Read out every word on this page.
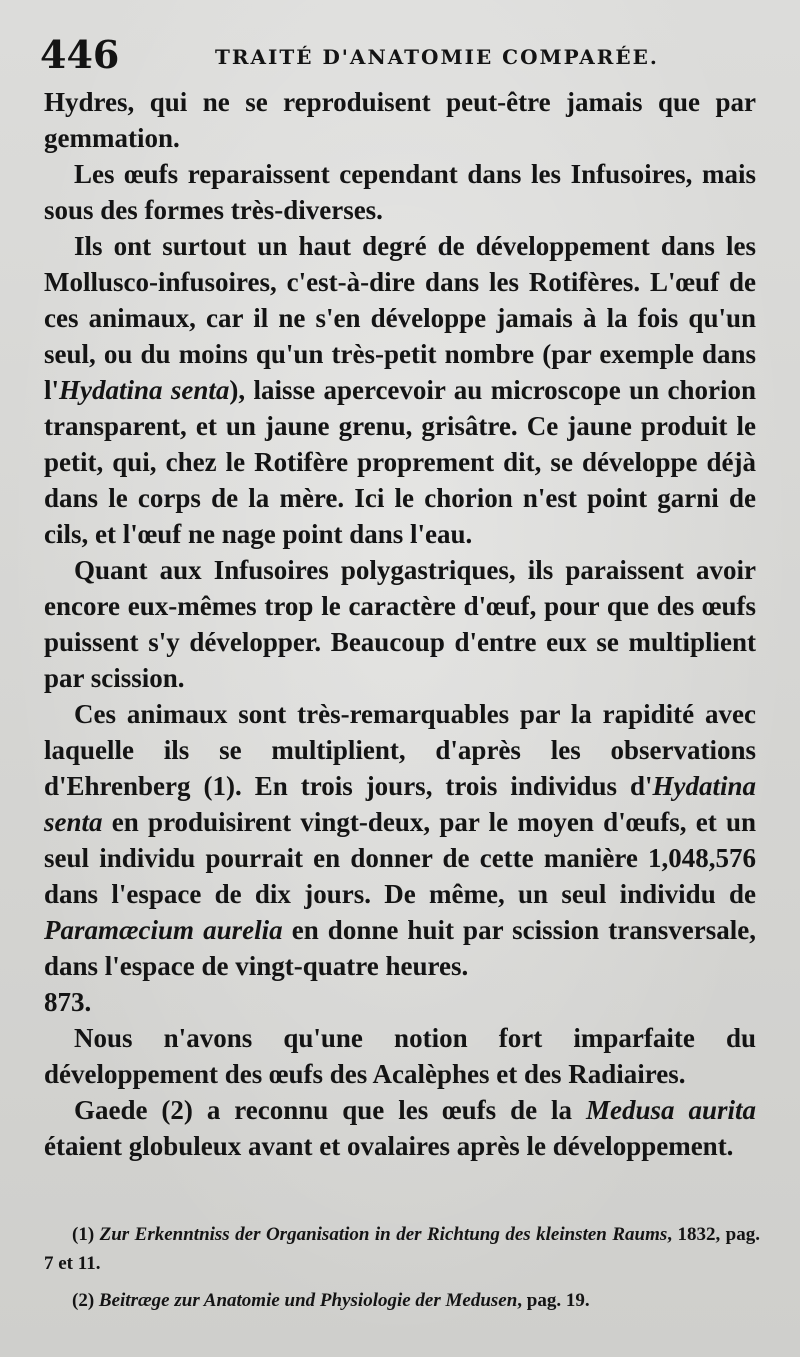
446	TRAITÉ D'ANATOMIE COMPARÉE.

Hydres, qui ne se reproduisent peut-être jamais que par gemmation.

Les œufs reparaissent cependant dans les Infusoires, mais sous des formes très-diverses.

Ils ont surtout un haut degré de développement dans les Mollusco-infusoires, c'est-à-dire dans les Rotifères. L'œuf de ces animaux, car il ne s'en développe jamais à la fois qu'un seul, ou du moins qu'un très-petit nombre (par exemple dans l'Hydatina senta), laisse apercevoir au microscope un chorion transparent, et un jaune grenu, grisâtre. Ce jaune produit le petit, qui, chez le Rotifère proprement dit, se développe déjà dans le corps de la mère. Ici le chorion n'est point garni de cils, et l'œuf ne nage point dans l'eau.

Quant aux Infusoires polygastriques, ils paraissent avoir encore eux-mêmes trop le caractère d'œuf, pour que des œufs puissent s'y développer. Beaucoup d'entre eux se multiplient par scission.

Ces animaux sont très-remarquables par la rapidité avec laquelle ils se multiplient, d'après les observations d'Ehrenberg (1). En trois jours, trois individus d'Hydatina senta en produisirent vingt-deux, par le moyen d'œufs, et un seul individu pourrait en donner de cette manière 1,048,576 dans l'espace de dix jours. De même, un seul individu de Paramæcium aurelia en donne huit par scission transversale, dans l'espace de vingt-quatre heures.

873.

Nous n'avons qu'une notion fort imparfaite du développement des œufs des Acalèphes et des Radiaires.

Gaede (2) a reconnu que les œufs de la Medusa aurita étaient globuleux avant et ovalaires après le développement.

(1) Zur Erkenntniss der Organisation in der Richtung des kleinsten Raums, 1832, pag. 7 et 11.

(2) Beitræge zur Anatomie und Physiologie der Medusen, pag. 19.
